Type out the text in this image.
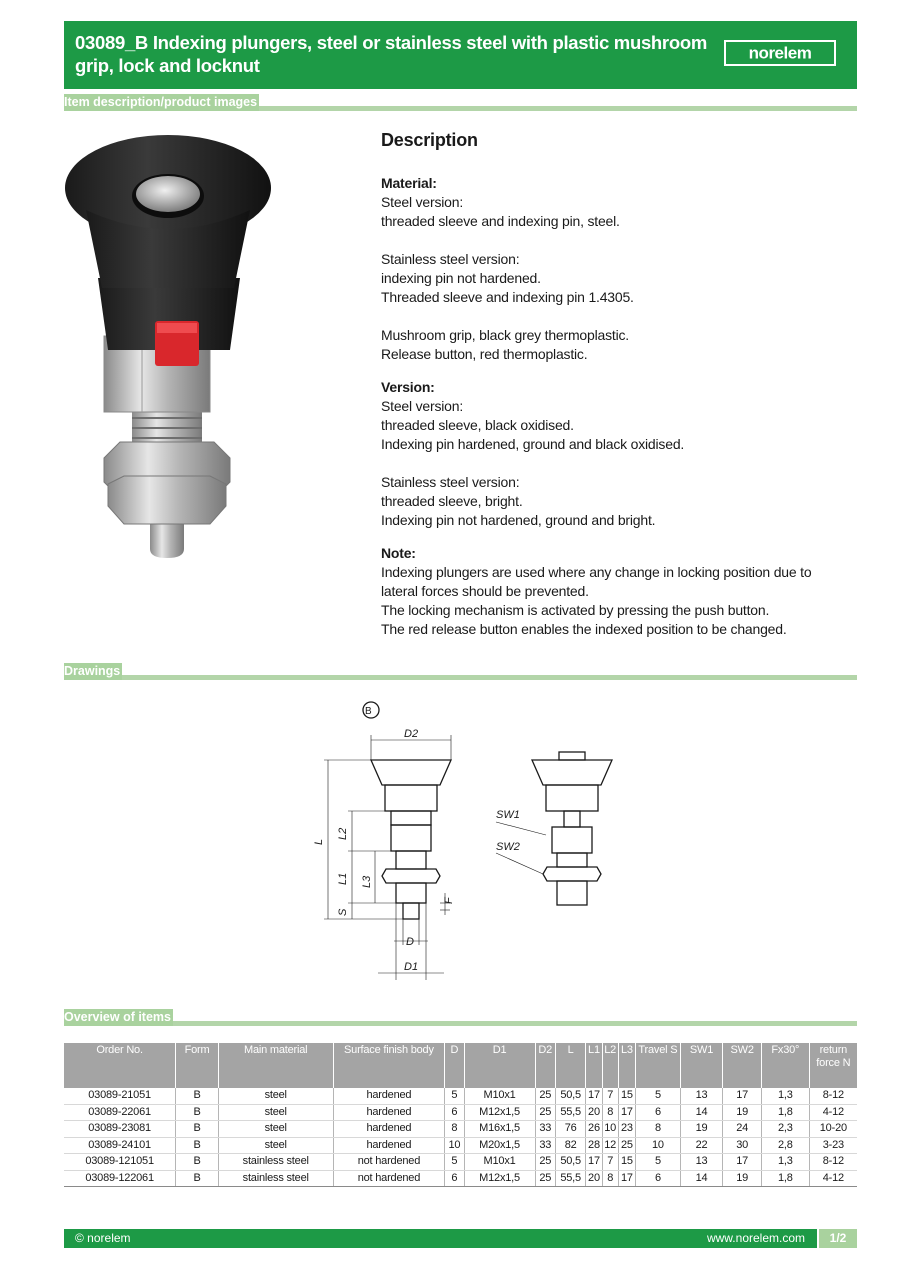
03089_B Indexing plungers, steel or stainless steel with plastic mushroom grip, lock and locknut
norelem
Item description/product images
Description

Material:

Steel version:

threaded sleeve and indexing pin, steel.

Stainless steel version:

indexing pin not hardened.

Threaded sleeve and indexing pin 1.4305.

Mushroom grip, black grey thermoplastic.

Release button, red thermoplastic.

Version:

Steel version:

threaded sleeve, black oxidised.

Indexing pin hardened, ground and black oxidised.

Stainless steel version:

threaded sleeve, bright.

Indexing pin not hardened, ground and bright.

Note:

Indexing plungers are used where any change in locking position due to lateral forces should be prevented.

The locking mechanism is activated by pressing the push button.

The red release button enables the indexed position to be changed.

Drawings
B
D2
L
L2
L1 L3
S
F
D
D1
SW1
SW2
Overview of items
Order No.	Form	Main material	Surface finish body	D	D1	D2	L	L1	L2	L3	Travel S	SW1	SW2	Fx30°	return force N
03089-21051	B	steel	hardened	5	M10x1	25	50,5	17	7	15	5	13	17	1,3	8-12
03089-22061	B	steel	hardened	6	M12x1,5	25	55,5	20	8	17	6	14	19	1,8	4-12
03089-23081	B	steel	hardened	8	M16x1,5	33	76	26	10	23	8	19	24	2,3	10-20
03089-24101	B	steel	hardened	10	M20x1,5	33	82	28	12	25	10	22	30	2,8	3-23
03089-121051	B	stainless steel	not hardened	5	M10x1	25	50,5	17	7	15	5	13	17	1,3	8-12
03089-122061	B	stainless steel	not hardened	6	M12x1,5	25	55,5	20	8	17	6	14	19	1,8	4-12
© norelem	www.norelem.com	1/2
